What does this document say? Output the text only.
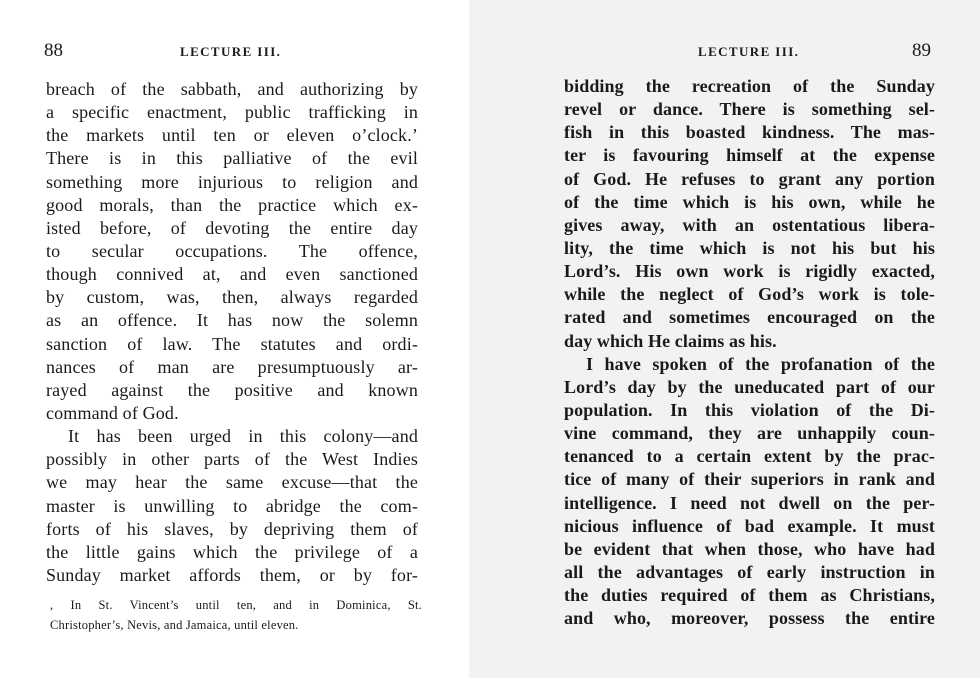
88	LECTURE III.
breach of the sabbath, and authorizing by
a specific enactment, public trafficking in
the markets until ten or eleven o’clock.’
There is in this palliative of the evil
something more injurious to religion and
good morals, than the practice which ex-
isted before, of devoting the entire day
to secular occupations. The offence,
though connived at, and even sanctioned
by custom, was, then, always regarded
as an offence. It has now the solemn
sanction of law. The statutes and ordi-
nances of man are presumptuously ar-
rayed against the positive and known
command of God.
It has been urged in this colony—and
possibly in other parts of the West Indies
we may hear the same excuse—that the
master is unwilling to abridge the com-
forts of his slaves, by depriving them of
the little gains which the privilege of a
Sunday market affords them, or by for-
, In St. Vincent’s until ten, and in Dominica, St.
Christopher’s, Nevis, and Jamaica, until eleven.
LECTURE III.	89
bidding the recreation of the Sunday
revel or dance. There is something sel-
fish in this boasted kindness. The mas-
ter is favouring himself at the expense
of God. He refuses to grant any portion
of the time which is his own, while he
gives away, with an ostentatious libera-
lity, the time which is not his but his
Lord’s. His own work is rigidly exacted,
while the neglect of God’s work is tole-
rated and sometimes encouraged on the
day which He claims as his.
I have spoken of the profanation of the
Lord’s day by the uneducated part of our
population. In this violation of the Di-
vine command, they are unhappily coun-
tenanced to a certain extent by the prac-
tice of many of their superiors in rank and
intelligence. I need not dwell on the per-
nicious influence of bad example. It must
be evident that when those, who have had
all the advantages of early instruction in
the duties required of them as Christians,
and who, moreover, possess the entire
